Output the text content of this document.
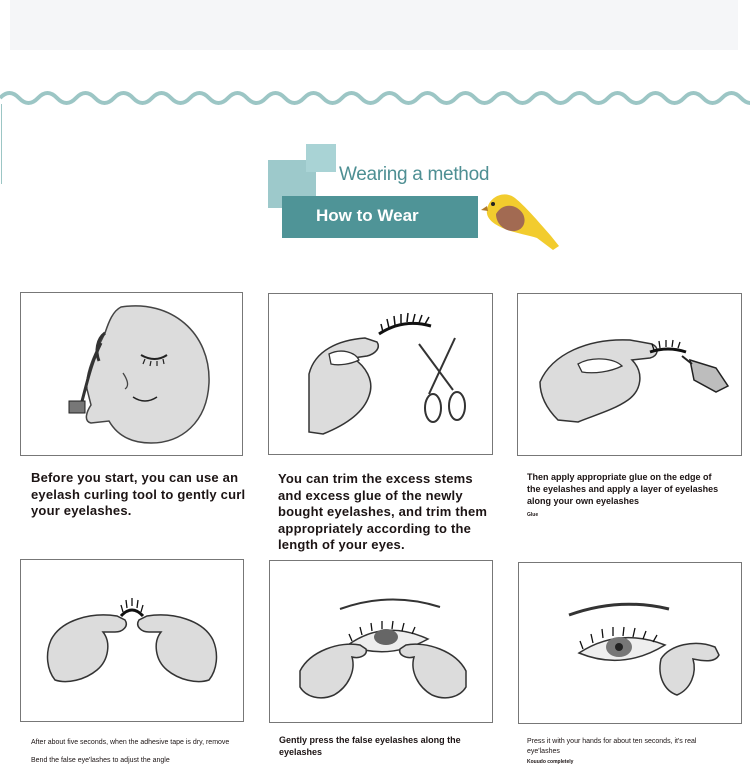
Wearing a method
How to Wear
Before you start, you can use an eyelash curling tool to gently curl your eyelashes.
You can trim the excess stems and excess glue of the newly bought eyelashes, and trim them appropriately according to the length of your eyes.
Then apply appropriate glue on the edge of the eyelashes and apply a layer of eyelashes along your own eyelashes
Glue
After about five seconds, when the adhesive tape is dry, remove
Bend the false eye'lashes to adjust the angle
Gently press the false eyelashes along the eyelashes
Press it with your hands for about ten seconds, it's real eye'lashes
Kouudo completely
